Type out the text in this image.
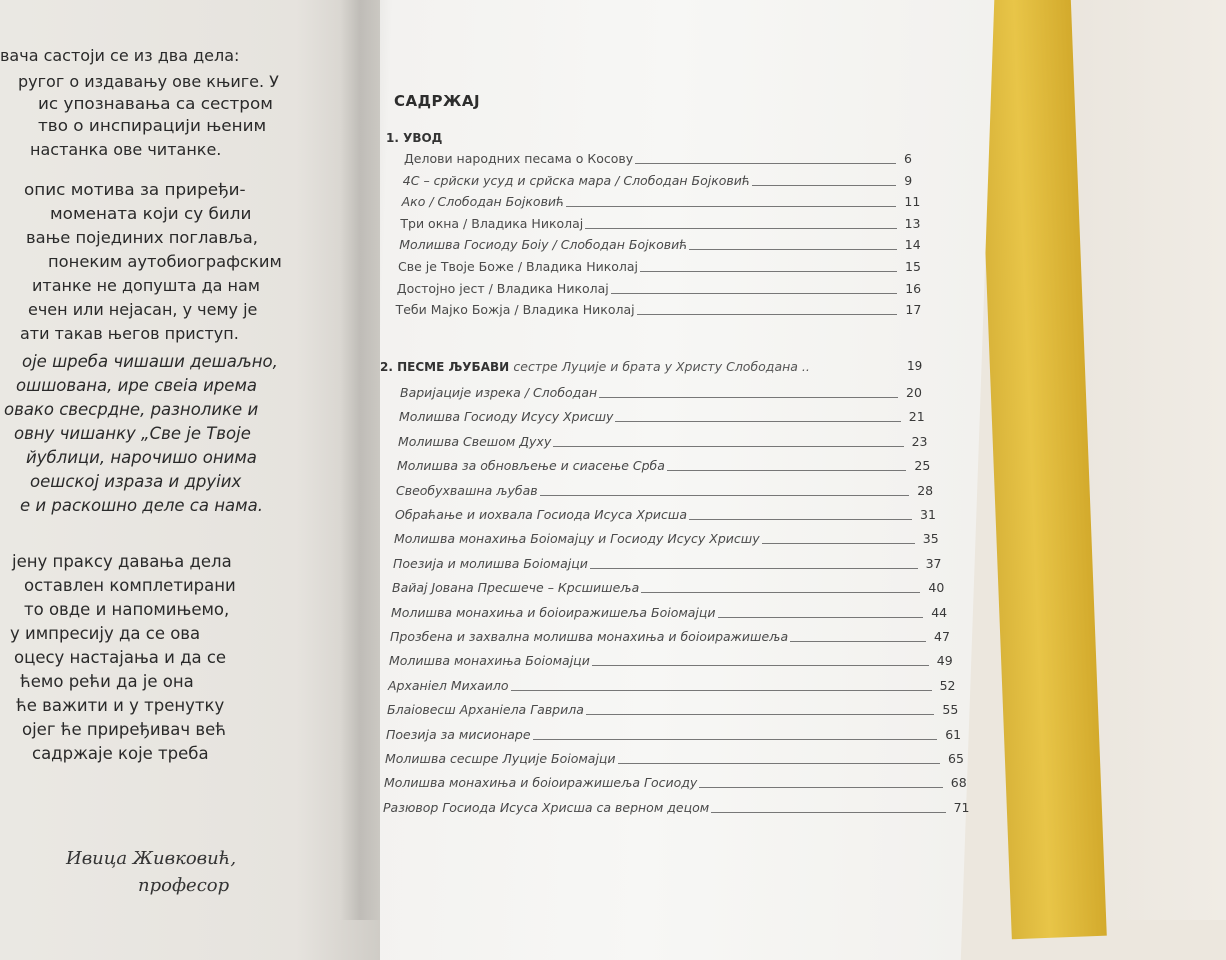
вача састоји се из два дела:
ругог о издавању ове књиге. У
ис упознавања са сестром
тво о инспирацији њеним
настанка ове читанке.
опис мотива за приређи-
момената који су били
вање појединих поглавља,
понеким аутобиографским
итанке не допушта да нам
ечен или нејасан, у чему је
ати такав његов приступ.
оје шреба чишаши дешаљно,
ошшована, ире свеіа ирема
овако свесрдне, разнолике и
овну чишанку „Све је Твоје
йублици, нарочишо онима
оешској изразa и друіих
е и раскошно деле са нама.
јену праксу давања дела
оставлен комплетирани
то овде и напомињемо,
у импресију да се ова
оцесу настајања и да се
ћемо рећи да је она
ће важити и у тренутку
ојег ће приређивач већ
садржаје које треба
Ивица Живковић,
професор
САДРЖАЈ
1. УВОД
Делови народних песама о Косову	6
4С – срйски усуд и срйска мара / Слободан Бојковић	9
Ако / Слободан Бојковић	11
Три окна / Владика Николај	13
Молишва Госиоду Боіу / Слободан Бојковић	14
Све је Твоје Боже / Владика Николај	15
Достојно јест / Владика Николај	16
Теби Мајко Божја / Владика Николај	17
2. ПЕСМЕ ЉУБАВИ сестре Луције и брата у Христу Слободана ..	19
Варијације изрека / Слободан	20
Молишва Госиоду Исусу Хрисшу	21
Молишва Свешом Духу	23
Молишва за обновљење и сиасење Срба	25
Свеобухвашна љубав	28
Обраћање и иохвала Госиода Исуса Хрисша	31
Молишва монахиња Боіомајцу и Госиоду Исусу Хрисшу	35
Поезија и молишва Боіомајци	37
Вайај Јована Пресшече – Крсшишеља	40
Молишва монахиња и боіоиражишеља Боіомајци	44
Прозбена и захвална молишва монахиња и боіоиражишеља	47
Молишва монахиња Боіомајци	49
Арханіел Михаило	52
Блаіовесш Арханіела Гаврила	55
Поезија за мисионаре	61
Молишва сесшре Луције Боіомајци	65
Молишва монахиња и боіоиражишеља Госиоду	68
Разювор Госиода Исуса Хрисша са верном децом	71
